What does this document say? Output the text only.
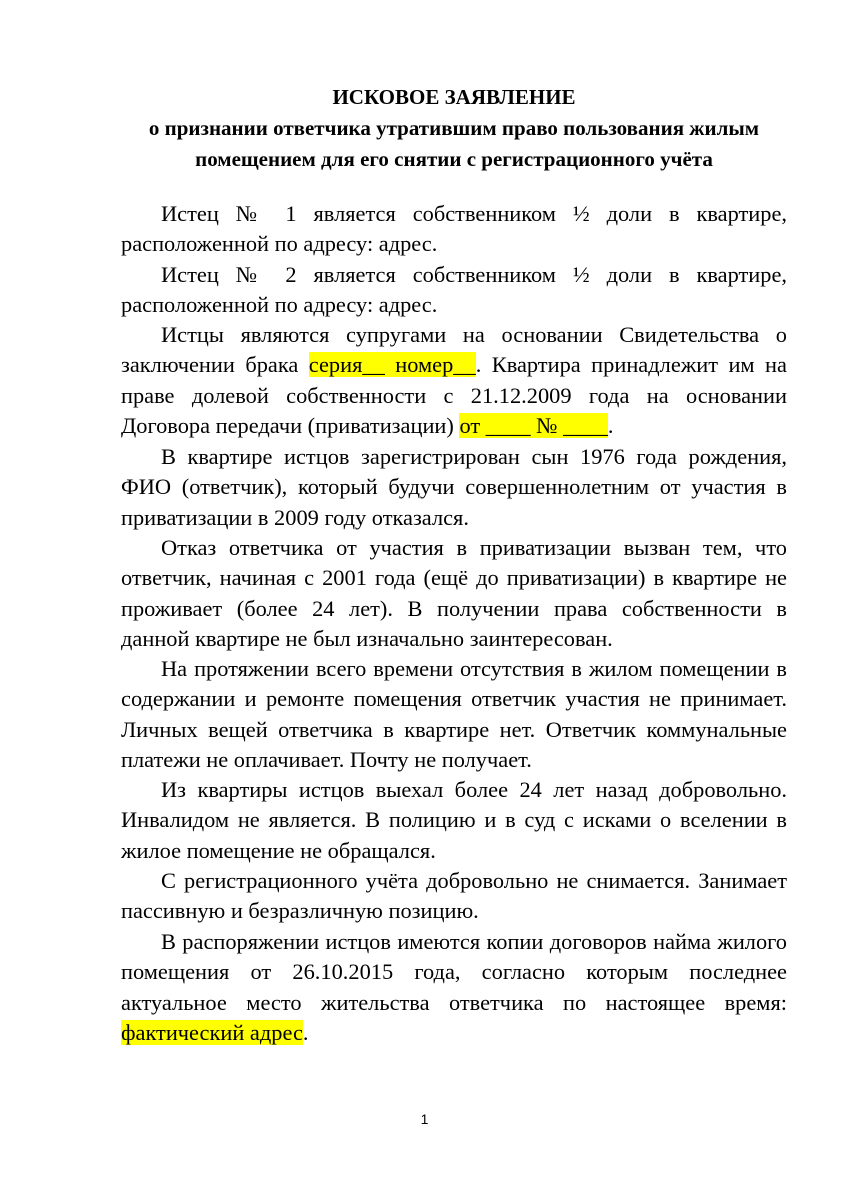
ИСКОВОЕ ЗАЯВЛЕНИЕ
о признании ответчика утратившим право пользования жилым
помещением для его снятии с регистрационного учёта

Истец № 1 является собственником ½ доли в квартире, расположенной по адресу: адрес.

Истец № 2 является собственником ½ доли в квартире, расположенной по адресу: адрес.

Истцы являются супругами на основании Свидетельства о заключении брака серия__ номер__. Квартира принадлежит им на праве долевой собственности с 21.12.2009 года на основании Договора передачи (приватизации) от ____ № ____.

В квартире истцов зарегистрирован сын 1976 года рождения, ФИО (ответчик), который будучи совершеннолетним от участия в приватизации в 2009 году отказался.

Отказ ответчика от участия в приватизации вызван тем, что ответчик, начиная с 2001 года (ещё до приватизации) в квартире не проживает (более 24 лет). В получении права собственности в данной квартире не был изначально заинтересован.

На протяжении всего времени отсутствия в жилом помещении в содержании и ремонте помещения ответчик участия не принимает. Личных вещей ответчика в квартире нет. Ответчик коммунальные платежи не оплачивает. Почту не получает.

Из квартиры истцов выехал более 24 лет назад добровольно. Инвалидом не является. В полицию и в суд с исками о вселении в жилое помещение не обращался.

С регистрационного учёта добровольно не снимается. Занимает пассивную и безразличную позицию.

В распоряжении истцов имеются копии договоров найма жилого помещения от 26.10.2015 года, согласно которым последнее актуальное место жительства ответчика по настоящее время: фактический адрес.

1
